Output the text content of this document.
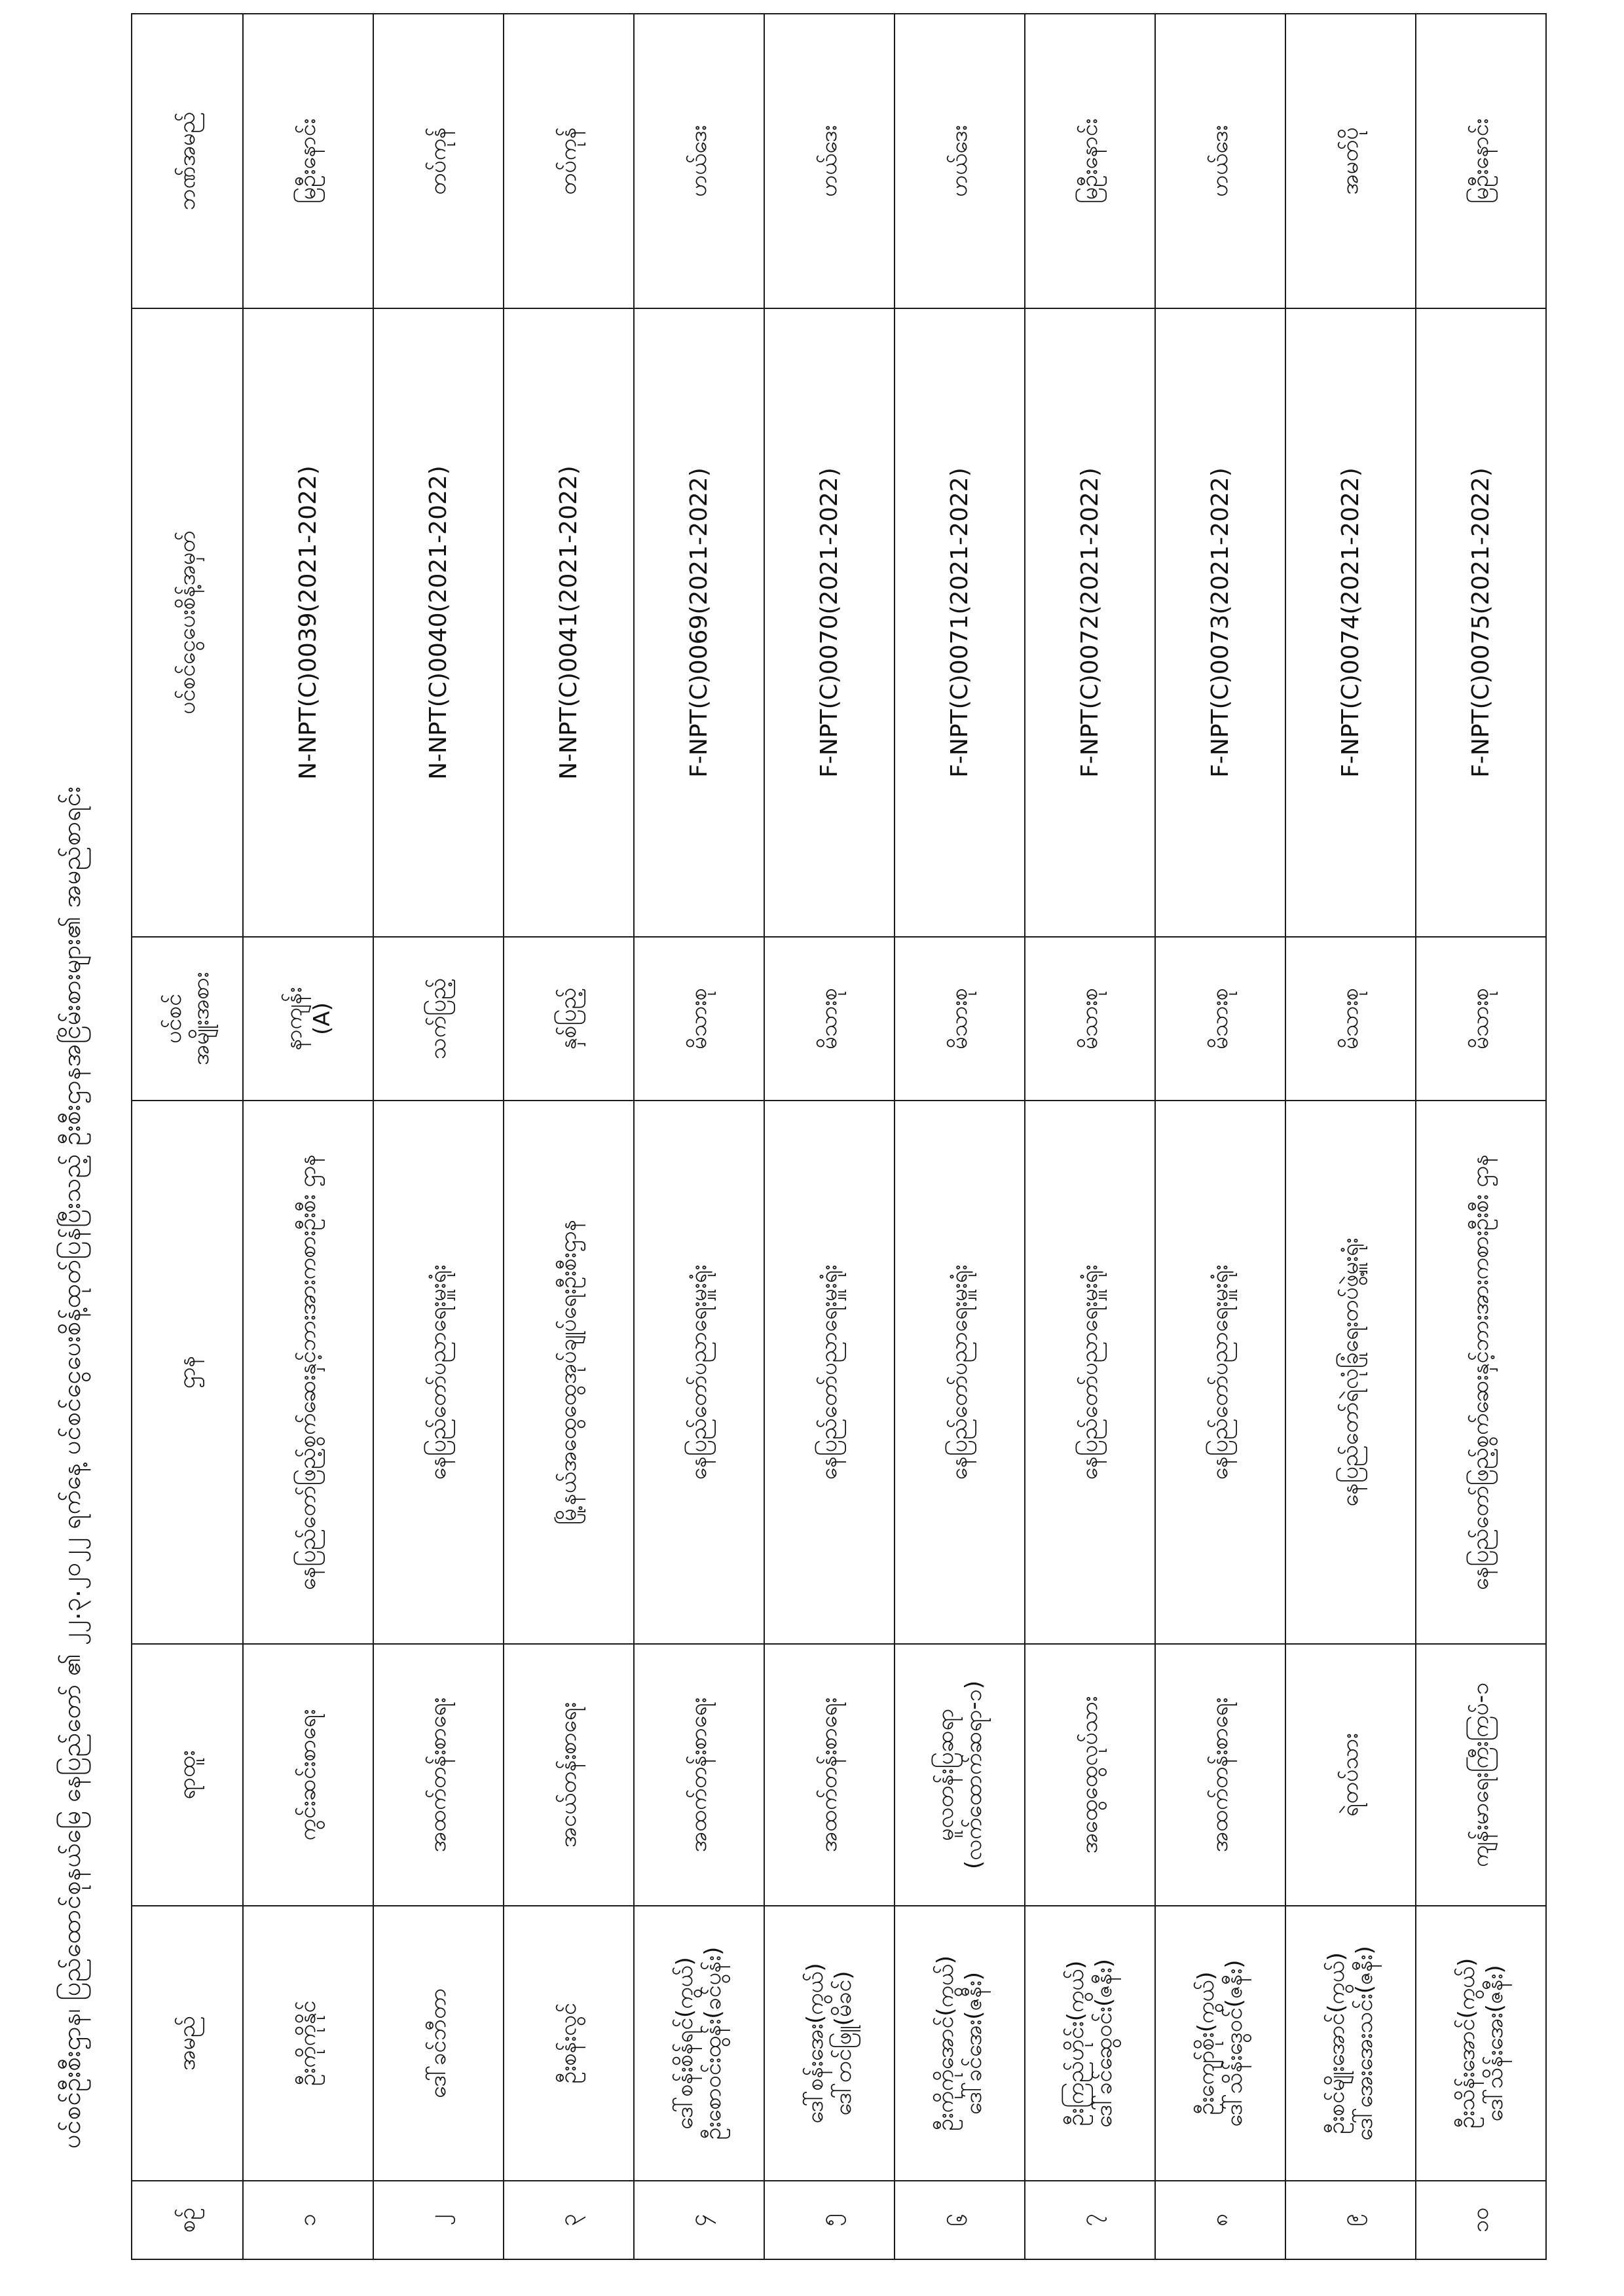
ပင်စင်ဦးစီးဌာန၊ ပြည်ထောင်စုနယ်မြေ နေပြည်တော် ၏ ၂၂.၃.၂၀၂၂ ရက်နေ့ ပင်စင်ငွေပေးစိန့်ထုတ်ပြန်ပြီးသည့် ဦးစီးဌာနအငြိမ်းစားများ၏ အမည်စာရင်း
စဉ်	အမည်	ရာထူး	ဌာန	ပင်စင် အမျိုးအစား	ပင်စင်ငွေပေးစိန့်အမှတ်	ဘဏ်အမည်
၁	ဦးကိုကိုနိုင်	ကွင်းဆင်းစာရေး	နေပြည်တော်ဖြည့်စွက်ဆေးနှင့်ဘားအားကစားဦးစီး ဌာန	နာကျန်း (A)	N-NPT(C)0039(2021-2022)	မြဦးနောင်း
၂	ဒေါ်ခင်ဘီတာ	အထက်တန်းစာရေး	နေပြည်တော်ပညာရေးမှူးရုံး	သက်ပြည့်	N-NPT(C)0040(2021-2022)	တပ်ကုန်
၃	ဦးစန်းလွင်	အငယ်တန်းစာရေး	မြို့နယ်အထွေထွေအုပ်ချုပ်ရေးဦးစီးဌာန	နှစ်ပြည့်	N-NPT(C)0041(2021-2022)	တပ်ကုန်
၄	ဒေါ်စန်းစိန်ရင်(ကွယ်) ဦးစောဝင်းထွန်း(ခင်ပွန်း)	အထက်တန်းစာရေး	နေပြည်တော်ပညာရေးမှူးရုံး	မိသားစု	F-NPT(C)0069(2021-2022)	ဟယ်ဒေး
၅	ဒေါ်စန်းအေး(ကွယ်) ဒေါ်တင်ဖြူ(မိခင်)	အထက်တန်းစာရေး	နေပြည်တော်ပညာရေးမှူးရုံး	မိသားစု	F-NPT(C)0070(2021-2022)	ဟယ်ဒေး
၆	ဦးကိုကိုအောင်(ကွယ်) ဒေါ်ခင်အေး(ဇနီး)	မူလတန်းပြဆရာ (လက်ထောက်ဆရာ-၁)	နေပြည်တော်ပညာရေးမှူးရုံး	မိသားစု	F-NPT(C)0071(2021-2022)	ဟယ်ဒေး
၇	ဦးကြည်ဟိုင်း(ကွယ်) ဒေါ်ခင်ဆွေဝင်း(ဇနီး)	အထွေထွေလုပ်သား	နေပြည်တော်ပညာရေးမှူးရုံး	မိသားစု	F-NPT(C)0072(2021-2022)	မြဦးနောင်း
၈	ဦးကျော်စိုး(ကွယ်) ဒေါ်သိန်းဒွေဝင်(ဇနီး)	အထက်တန်းစာရေး	နေပြည်တော်ပညာရေးမှူးရုံး	မိသားစု	F-NPT(C)0073(2021-2022)	ဟယ်ဒေး
၉	ဦးစင်မျိုးအောင်(ကွယ်) ဒေါ်အေးအေးသင်း(ဇနီး)	ရဲတပ်သား	နေပြည်တော်ရဲလုံခြုံရေးတပ်ဖွဲ့မှူးရုံး	မိသားစု	F-NPT(C)0074(2021-2022)	အမတ်ပို
၁၀	ဦးသိန်းအောင်(ကွယ်) ဒေါ်သိန်းအေး(ဇနီး)	ကျန်းမာရေးကြီးကြပ်-၁	နေပြည်တော်ဖြည့်စွက်ဆေးနှင့်ဘားအားကစားဦးစီး ဌာန	မိသားစု	F-NPT(C)0075(2021-2022)	မြဦးနောင်း
